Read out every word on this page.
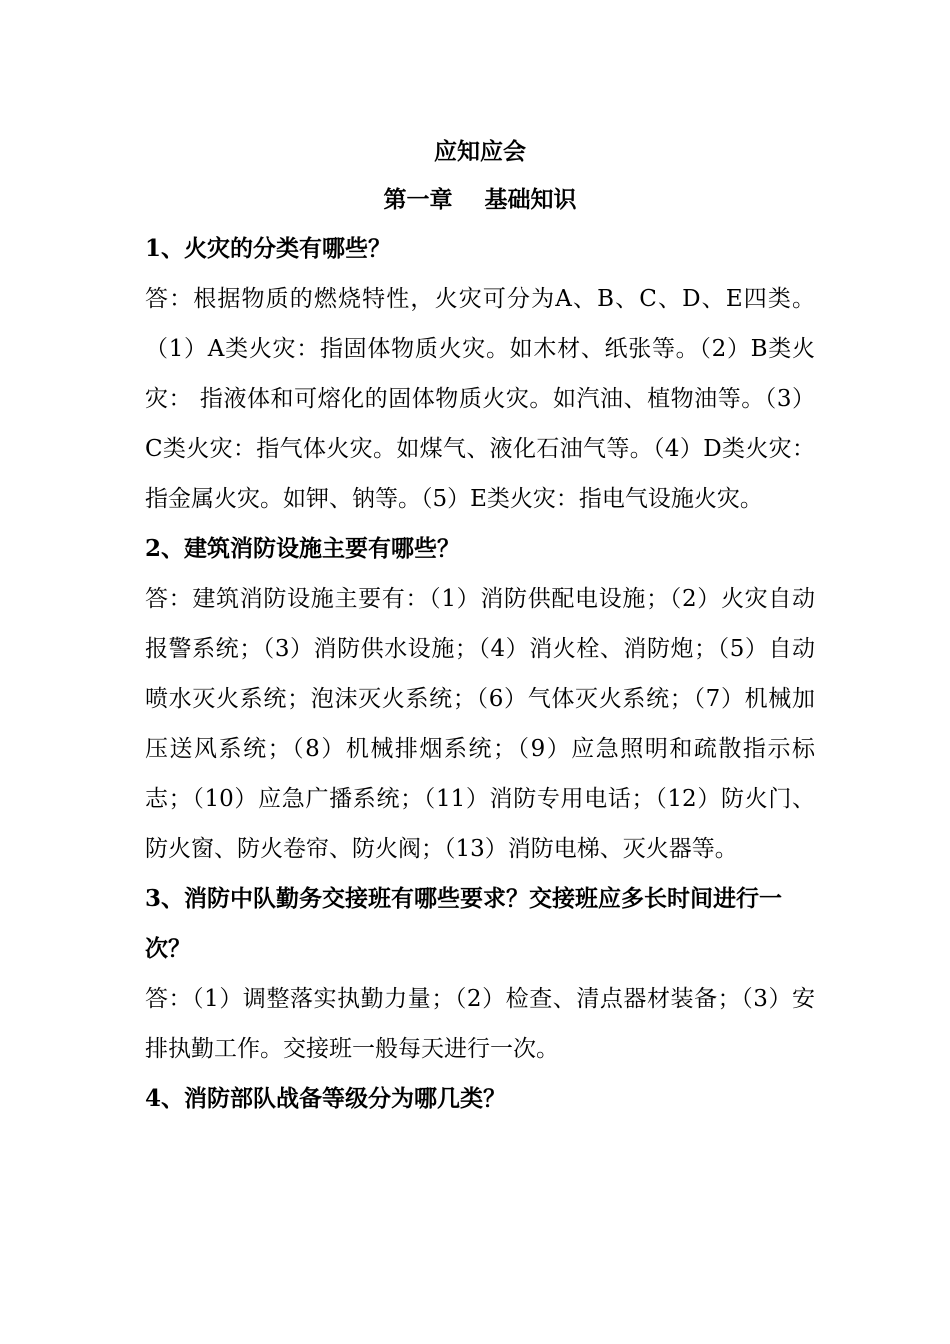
应知应会
第一章    基础知识

1、火灾的分类有哪些？

答：根据物质的燃烧特性，火灾可分为A、B、C、D、E四类。（1）A类火灾：指固体物质火灾。如木材、纸张等。（2）B类火灾： 指液体和可熔化的固体物质火灾。如汽油、植物油等。（3）C类火灾：指气体火灾。如煤气、液化石油气等。（4）D类火灾：指金属火灾。如钾、钠等。（5）E类火灾：指电气设施火灾。

2、建筑消防设施主要有哪些？

答：建筑消防设施主要有：（1）消防供配电设施；（2）火灾自动报警系统；（3）消防供水设施；（4）消火栓、消防炮；（5）自动喷水灭火系统；泡沫灭火系统；（6）气体灭火系统；（7）机械加压送风系统；（8）机械排烟系统；（9）应急照明和疏散指示标志；（10）应急广播系统；（11）消防专用电话；（12）防火门、防火窗、防火卷帘、防火阀；（13）消防电梯、灭火器等。

3、消防中队勤务交接班有哪些要求？交接班应多长时间进行一次？

答：（1）调整落实执勤力量；（2）检查、清点器材装备；（3）安排执勤工作。交接班一般每天进行一次。

4、消防部队战备等级分为哪几类？
